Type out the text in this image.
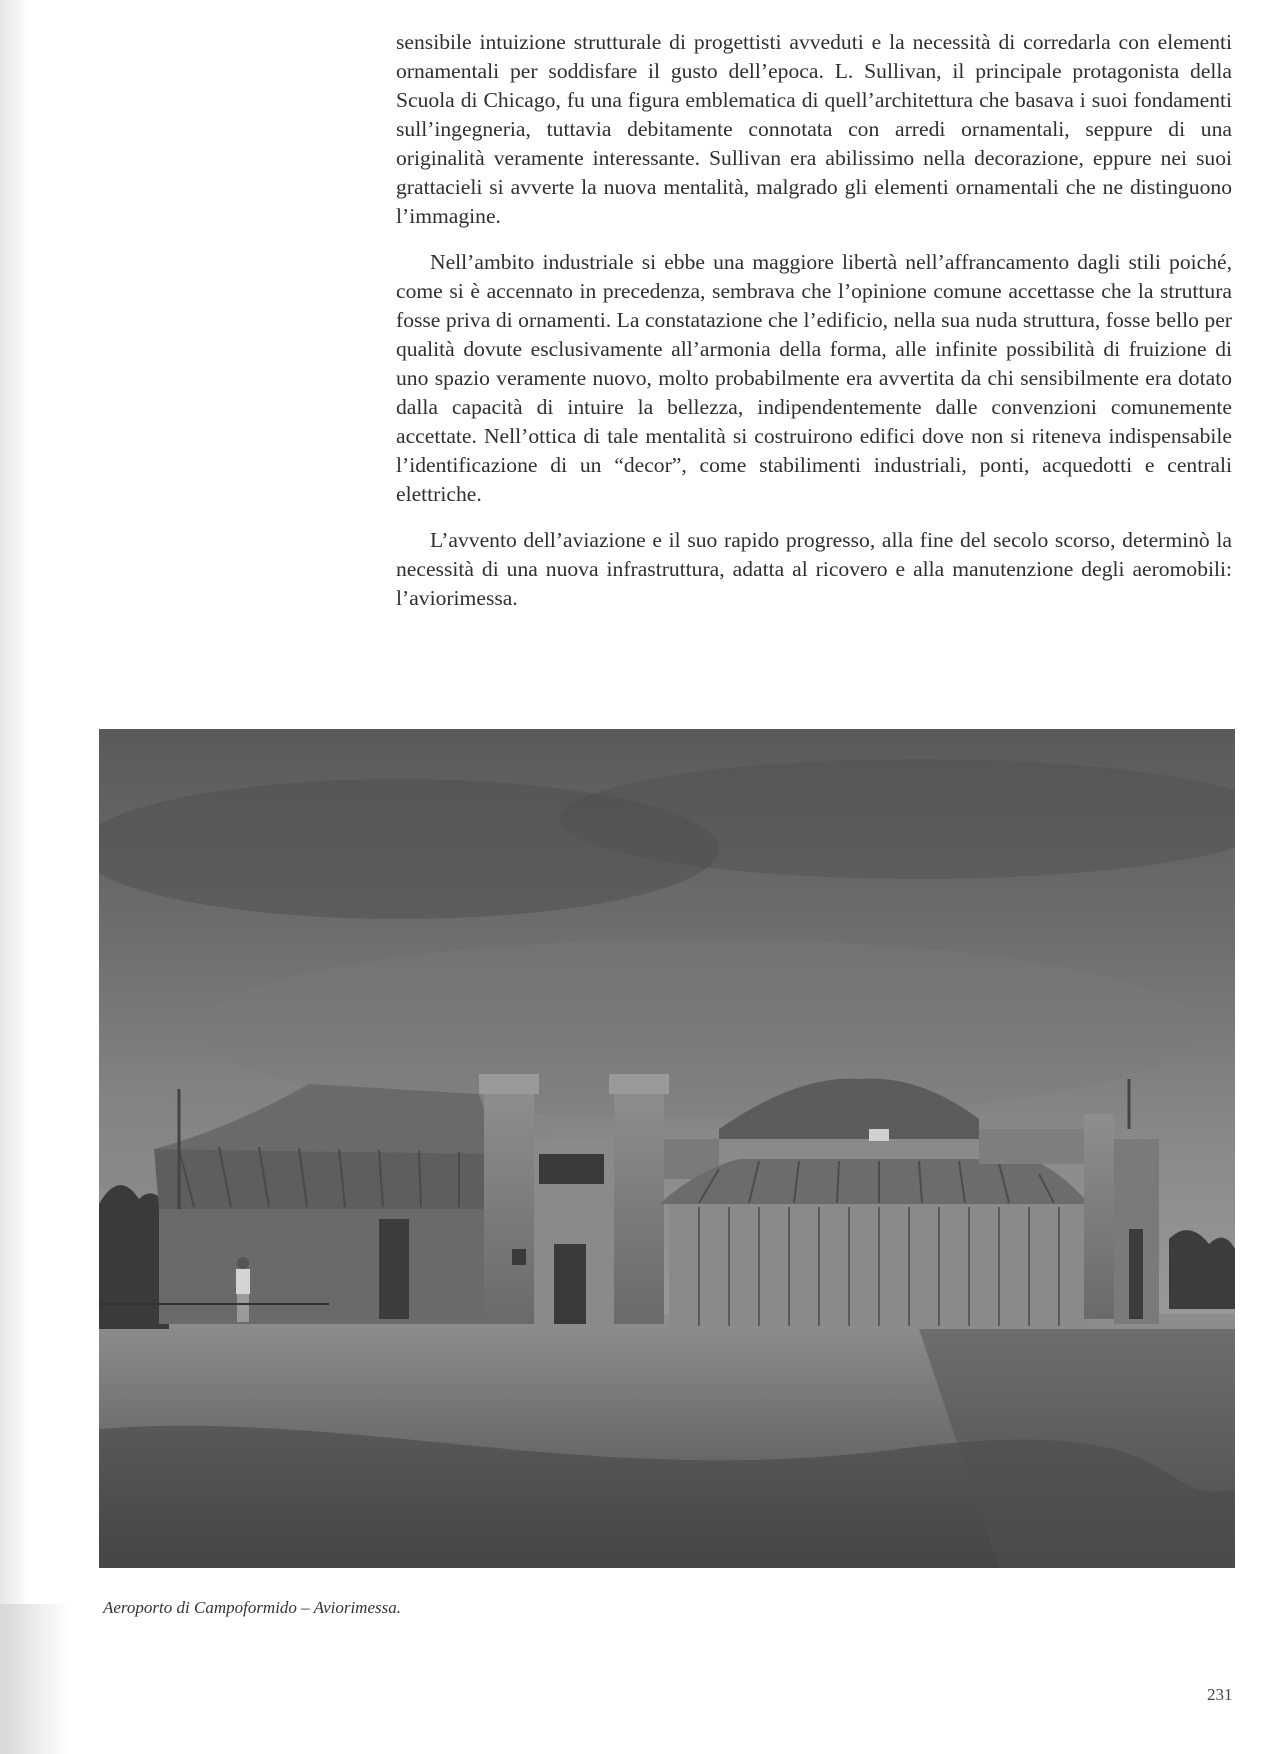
sensibile intuizione strutturale di progettisti avveduti e la necessità di corredarla con elementi ornamentali per soddisfare il gusto dell’epoca. L. Sullivan, il principale protagonista della Scuola di Chicago, fu una figura emblematica di quell’architettura che basava i suoi fondamenti sull’ingegneria, tuttavia debitamente connotata con arredi ornamentali, seppure di una originalità veramente interessante. Sullivan era abilissimo nella decorazione, eppure nei suoi grattacieli si avverte la nuova mentalità, malgrado gli elementi ornamentali che ne distinguono l’immagine.

Nell’ambito industriale si ebbe una maggiore libertà nell’affrancamento dagli stili poiché, come si è accennato in precedenza, sembrava che l’opinione comune accettasse che la struttura fosse priva di ornamenti. La constatazione che l’edificio, nella sua nuda struttura, fosse bello per qualità dovute esclusivamente all’armonia della forma, alle infinite possibilità di fruizione di uno spazio veramente nuovo, molto probabilmente era avvertita da chi sensibilmente era dotato dalla capacità di intuire la bellezza, indipendentemente dalle convenzioni comunemente accettate. Nell’ottica di tale mentalità si costruirono edifici dove non si riteneva indispensabile l’identificazione di un “decor”, come stabilimenti industriali, ponti, acquedotti e centrali elettriche.

L’avvento dell’aviazione e il suo rapido progresso, alla fine del secolo scorso, determinò la necessità di una nuova infrastruttura, adatta al ricovero e alla manutenzione degli aeromobili: l’aviorimessa.

Aeroporto di Campoformido – Aviorimessa.
231
